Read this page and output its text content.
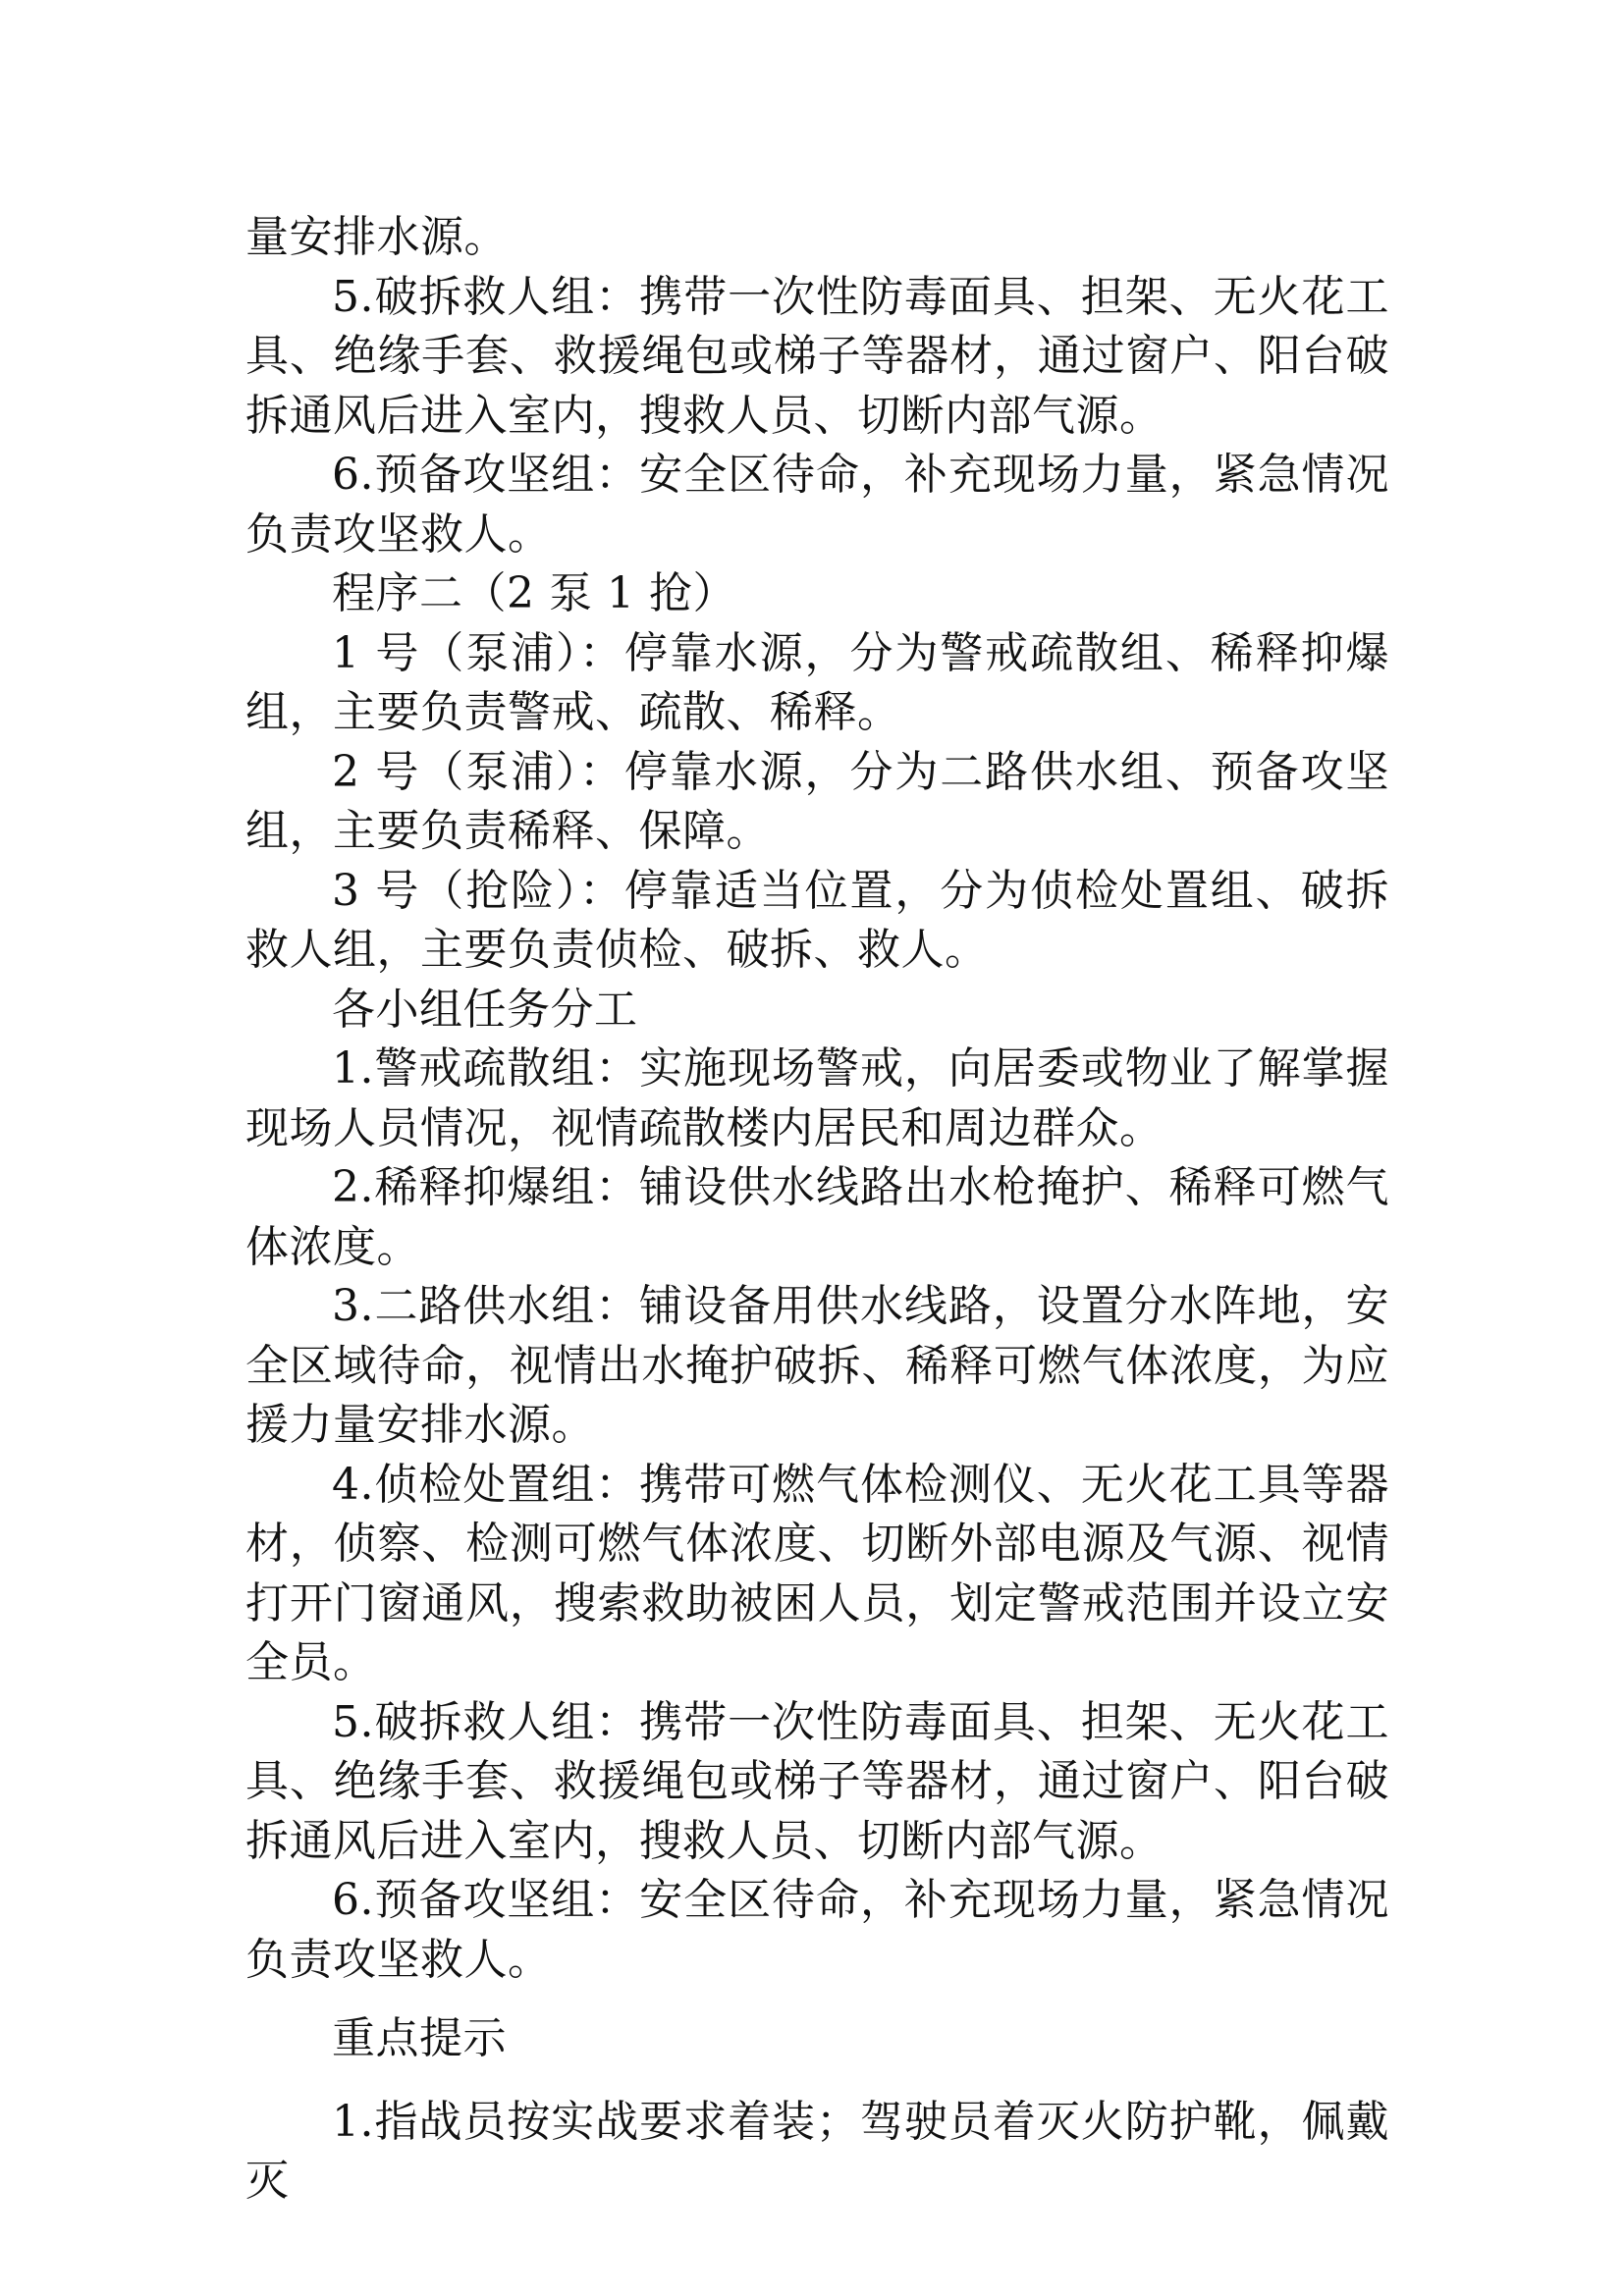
量安排水源。

5.破拆救人组：携带一次性防毒面具、担架、无火花工具、绝缘手套、救援绳包或梯子等器材，通过窗户、阳台破拆通风后进入室内，搜救人员、切断内部气源。

6.预备攻坚组：安全区待命，补充现场力量，紧急情况负责攻坚救人。

程序二（2 泵 1 抢）

1 号（泵浦）：停靠水源，分为警戒疏散组、稀释抑爆组，主要负责警戒、疏散、稀释。

2 号（泵浦）：停靠水源，分为二路供水组、预备攻坚组，主要负责稀释、保障。

3 号（抢险）：停靠适当位置，分为侦检处置组、破拆救人组，主要负责侦检、破拆、救人。

各小组任务分工

1.警戒疏散组：实施现场警戒，向居委或物业了解掌握现场人员情况，视情疏散楼内居民和周边群众。

2.稀释抑爆组：铺设供水线路出水枪掩护、稀释可燃气体浓度。

3.二路供水组：铺设备用供水线路，设置分水阵地，安全区域待命，视情出水掩护破拆、稀释可燃气体浓度，为应援力量安排水源。

4.侦检处置组：携带可燃气体检测仪、无火花工具等器材，侦察、检测可燃气体浓度、切断外部电源及气源、视情打开门窗通风，搜索救助被困人员，划定警戒范围并设立安全员。

5.破拆救人组：携带一次性防毒面具、担架、无火花工具、绝缘手套、救援绳包或梯子等器材，通过窗户、阳台破拆通风后进入室内，搜救人员、切断内部气源。

6.预备攻坚组：安全区待命，补充现场力量，紧急情况负责攻坚救人。

重点提示

1.指战员按实战要求着装；驾驶员着灭火防护靴，佩戴灭
